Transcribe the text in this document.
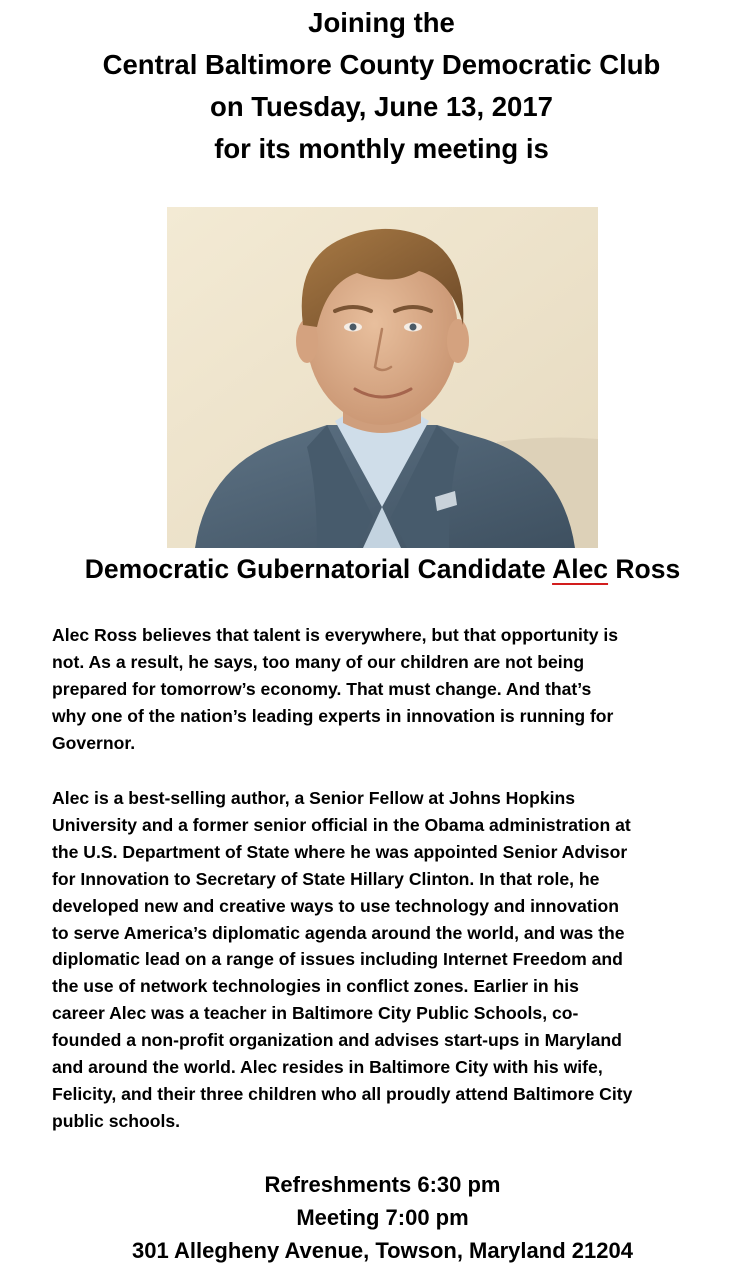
Joining the
Central Baltimore County Democratic Club
on Tuesday, June 13, 2017
for its monthly meeting is
Democratic Gubernatorial Candidate Alec Ross
Alec Ross believes that talent is everywhere, but that opportunity is
not. As a result, he says, too many of our children are not being
prepared for tomorrow’s economy. That must change. And that’s
why one of the nation’s leading experts in innovation is running for
Governor.
Alec is a best-selling author, a Senior Fellow at Johns Hopkins
University and a former senior official in the Obama administration at
the U.S. Department of State where he was appointed Senior Advisor
for Innovation to Secretary of State Hillary Clinton. In that role, he
developed new and creative ways to use technology and innovation
to serve America’s diplomatic agenda around the world, and was the
diplomatic lead on a range of issues including Internet Freedom and
the use of network technologies in conflict zones. Earlier in his
career Alec was a teacher in Baltimore City Public Schools, co-
founded a non-profit organization and advises start-ups in Maryland
and around the world. Alec resides in Baltimore City with his wife,
Felicity, and their three children who all proudly attend Baltimore City
public schools.
Refreshments 6:30 pm
Meeting 7:00 pm
301 Allegheny Avenue, Towson, Maryland 21204
